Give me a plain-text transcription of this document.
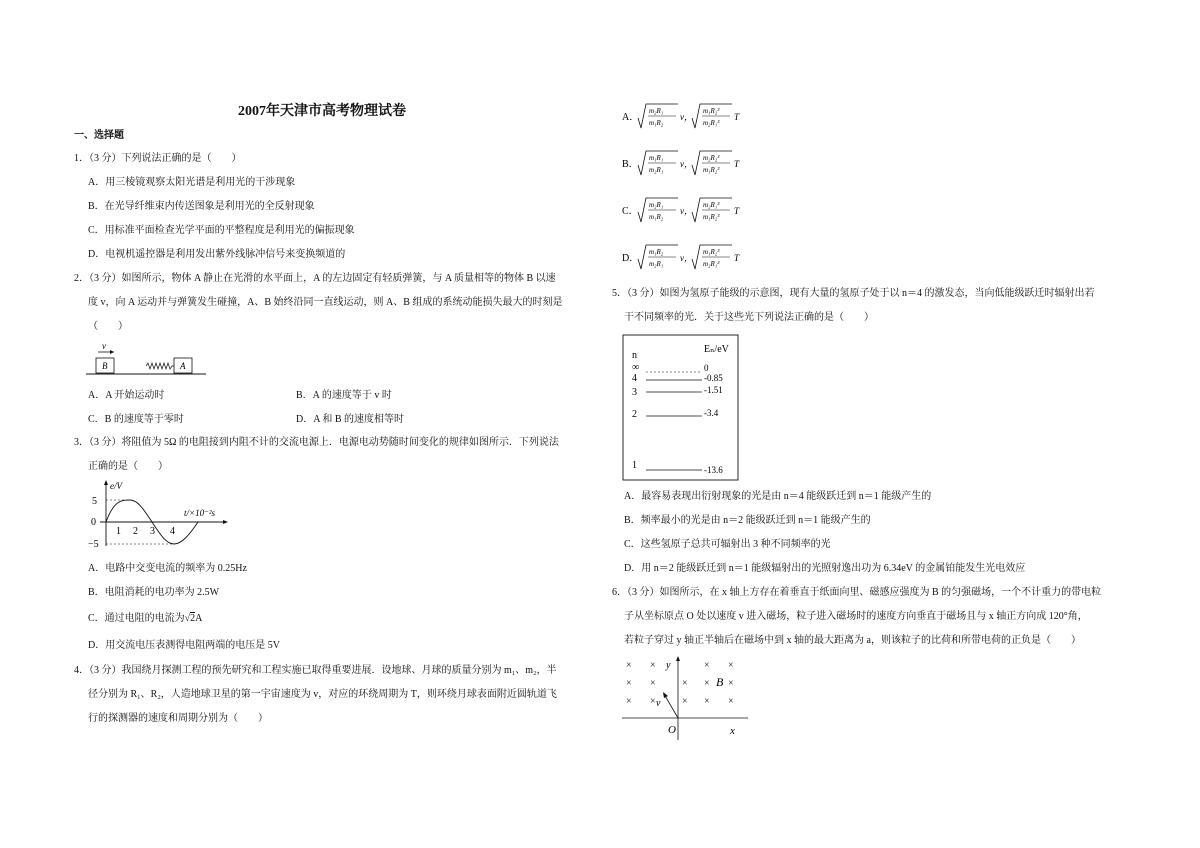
2007年天津市高考物理试卷
一、选择题
1．（3 分）下列说法正确的是（　　）
A．用三棱镜观察太阳光谱是利用光的干涉现象
B．在光导纤维束内传送图象是利用光的全反射现象
C．用标准平面检查光学平面的平整程度是利用光的偏振现象
D．电视机遥控器是利用发出紫外线脉冲信号来变换频道的
2．（3 分）如图所示，物体 A 静止在光滑的水平面上，A 的左边固定有轻质弹簧，与 A 质量相等的物体 B 以速
度 v，向 A 运动并与弹簧发生碰撞，A、B 始终沿同一直线运动，则 A、B 组成的系统动能损失最大的时刻是
（　　）
v
B	A
A．A 开始运动时	B．A 的速度等于 v 时
C．B 的速度等于零时	D．A 和 B 的速度相等时
3．（3 分）将阻值为 5Ω 的电阻接到内阻不计的交流电源上．电源电动势随时间变化的规律如图所示．下列说法
正确的是（　　）
e/V
t/×10⁻²s
5
0
−5
1 2 3 4
A．电路中交变电流的频率为 0.25Hz
B．电阻消耗的电功率为 2.5W
C．通过电阻的电流为√2A
D．用交流电压表测得电阻两端的电压是 5V
4．（3 分）我国绕月探测工程的预先研究和工程实施已取得重要进展．设地球、月球的质量分别为 m₁、m₂，半
径分别为 R₁、R₂，人造地球卫星的第一宇宙速度为 v，对应的环绕周期为 T，则环绕月球表面附近圆轨道飞
行的探测器的速度和周期分别为（　　）
A．
m₂R₁
m₁R₂
v，
m₁R₂³
m₂R₁³
T
B．
m₁R₁
m₂R₁
v，
m₂R₂³
m₁R₂³
T
C．
m₂R₁
m₁R₂
v，
m₂R₁³
m₁R₂³
T
D．
m₁R₂
m₂R₁
v，
m₁R₂³
m₂R₁³
T
5．（3 分）如图为氢原子能级的示意图，现有大量的氢原子处于以 n＝4 的激发态，当向低能级跃迁时辐射出若
干不同频率的光．关于这些光下列说法正确的是（　　）
n
Eₙ/eV
∞	0
4	-0.85
3	-1.51
2	-3.4
1	-13.6
A．最容易表现出衍射现象的光是由 n＝4 能级跃迁到 n＝1 能级产生的
B．频率最小的光是由 n＝2 能级跃迁到 n＝1 能级产生的
C．这些氢原子总共可辐射出 3 种不同频率的光
D．用 n＝2 能级跃迁到 n＝1 能级辐射出的光照射逸出功为 6.34eV 的金属铂能发生光电效应
6．（3 分）如图所示，在 x 轴上方存在着垂直于纸面向里、磁感应强度为 B 的匀强磁场，一个不计重力的带电粒
子从坐标原点 O 处以速度 v 进入磁场，粒子进入磁场时的速度方向垂直于磁场且与 x 轴正方向成 120°角，
若粒子穿过 y 轴正半轴后在磁场中到 x 轴的最大距离为 a，则该粒子的比荷和所带电荷的正负是（　　）
× ×	× ×
× ×	× × ×
× ×	× × ×
y
x
B
v
O
